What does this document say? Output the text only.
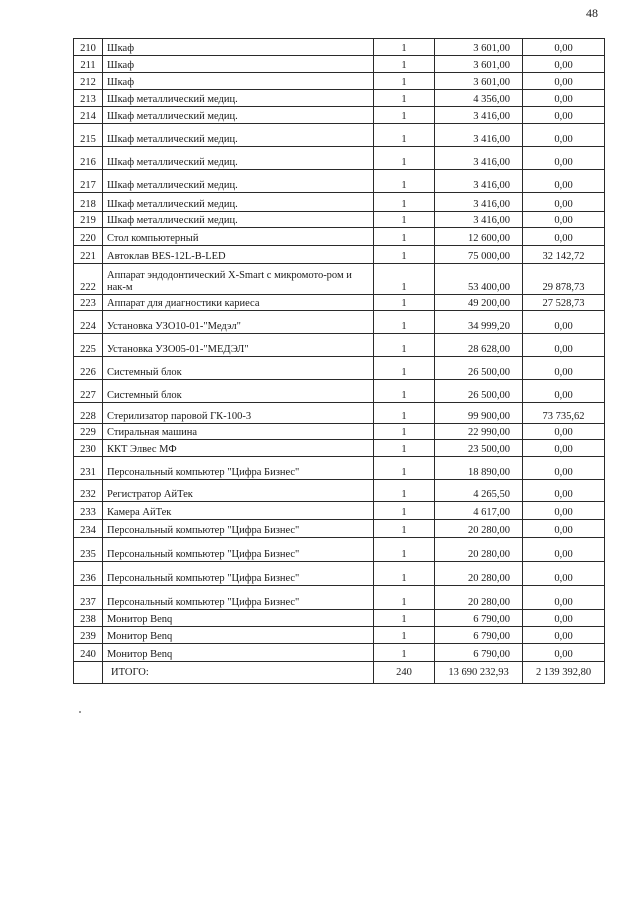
48
210	Шкаф	1	3 601,00	0,00
211	Шкаф	1	3 601,00	0,00
212	Шкаф	1	3 601,00	0,00
213	Шкаф металлический медиц.	1	4 356,00	0,00
214	Шкаф металлический медиц.	1	3 416,00	0,00
215	Шкаф металлический медиц.	1	3 416,00	0,00
216	Шкаф металлический медиц.	1	3 416,00	0,00
217	Шкаф металлический медиц.	1	3 416,00	0,00
218	Шкаф металлический медиц.	1	3 416,00	0,00
219	Шкаф металлический медиц.	1	3 416,00	0,00
220	Стол компьютерный	1	12 600,00	0,00
221	Автоклав BES-12L-B-LED	1	75 000,00	32 142,72
222	Аппарат эндодонтический X-Smart с микромото-ром и нак-м	1	53 400,00	29 878,73
223	Аппарат для диагностики кариеса	1	49 200,00	27 528,73
224	Установка УЗО10-01-"Медэл"	1	34 999,20	0,00
225	Установка УЗО05-01-"МЕДЭЛ"	1	28 628,00	0,00
226	Системный блок	1	26 500,00	0,00
227	Системный блок	1	26 500,00	0,00
228	Стерилизатор паровой ГК-100-3	1	99 900,00	73 735,62
229	Стиральная машина	1	22 990,00	0,00
230	ККТ Элвес МФ	1	23 500,00	0,00
231	Персональный компьютер "Цифра Бизнес"	1	18 890,00	0,00
232	Регистратор АйТек	1	4 265,50	0,00
233	Камера АйТек	1	4 617,00	0,00
234	Персональный компьютер "Цифра Бизнес"	1	20 280,00	0,00
235	Персональный компьютер "Цифра Бизнес"	1	20 280,00	0,00
236	Персональный компьютер "Цифра Бизнес"	1	20 280,00	0,00
237	Персональный компьютер "Цифра Бизнес"	1	20 280,00	0,00
238	Монитор Benq	1	6 790,00	0,00
239	Монитор Benq	1	6 790,00	0,00
240	Монитор Benq	1	6 790,00	0,00
	ИТОГО:	240	13 690 232,93	2 139 392,80
